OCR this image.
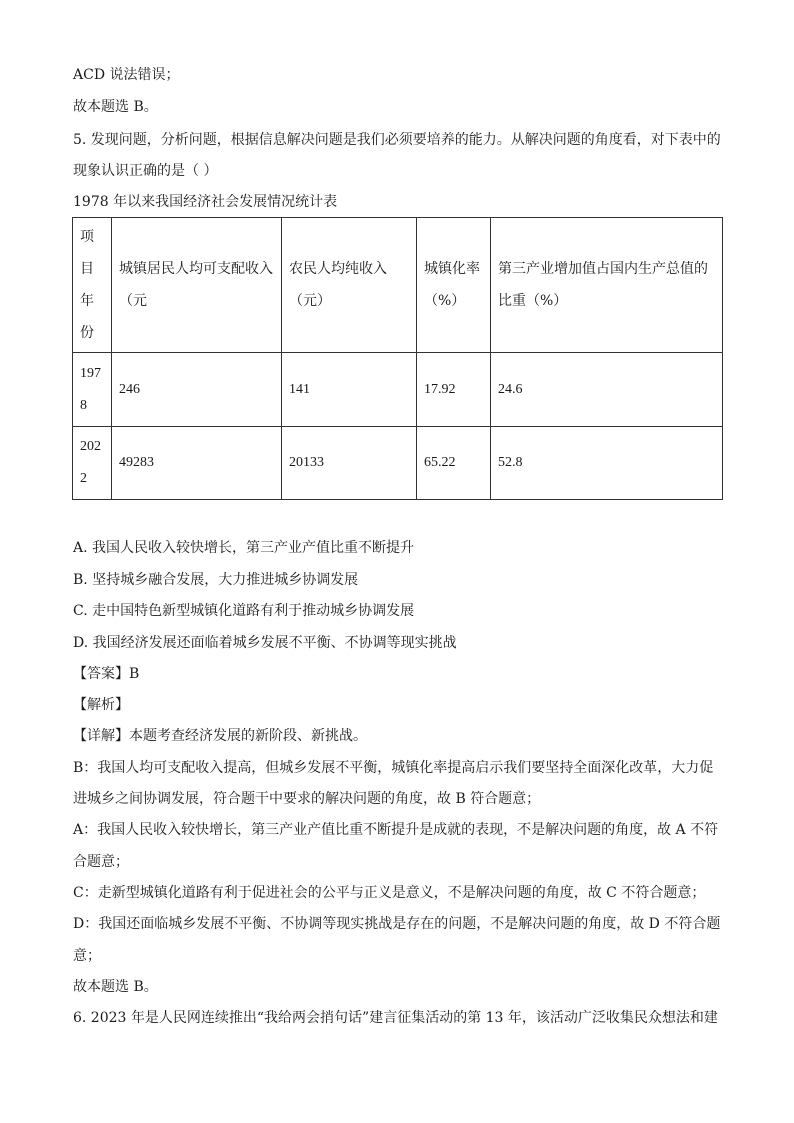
ACD 说法错误；
故本题选 B。
5. 发现问题，分析问题，根据信息解决问题是我们必须要培养的能力。从解决问题的角度看，对下表中的
现象认识正确的是（ ）
1978 年以来我国经济社会发展情况统计表
项目年份	城镇居民人均可支配收入（元	农民人均纯收入（元）	城镇化率（%）	第三产业增加值占国内生产总值的比重（%）
1978	246	141	17.92	24.6
2022	49283	20133	65.22	52.8
A. 我国人民收入较快增长，第三产业产值比重不断提升
B. 坚持城乡融合发展，大力推进城乡协调发展
C. 走中国特色新型城镇化道路有利于推动城乡协调发展
D. 我国经济发展还面临着城乡发展不平衡、不协调等现实挑战
【答案】B
【解析】
【详解】本题考查经济发展的新阶段、新挑战。
B：我国人均可支配收入提高，但城乡发展不平衡，城镇化率提高启示我们要坚持全面深化改革，大力促
进城乡之间协调发展，符合题干中要求的解决问题的角度，故 B 符合题意；
A：我国人民收入较快增长，第三产业产值比重不断提升是成就的表现，不是解决问题的角度，故 A 不符
合题意；
C：走新型城镇化道路有利于促进社会的公平与正义是意义，不是解决问题的角度，故 C 不符合题意；
D：我国还面临城乡发展不平衡、不协调等现实挑战是存在的问题，不是解决问题的角度，故 D 不符合题
意；
故本题选 B。
6. 2023 年是人民网连续推出“我给两会捎句话”建言征集活动的第 13 年，该活动广泛收集民众想法和建
